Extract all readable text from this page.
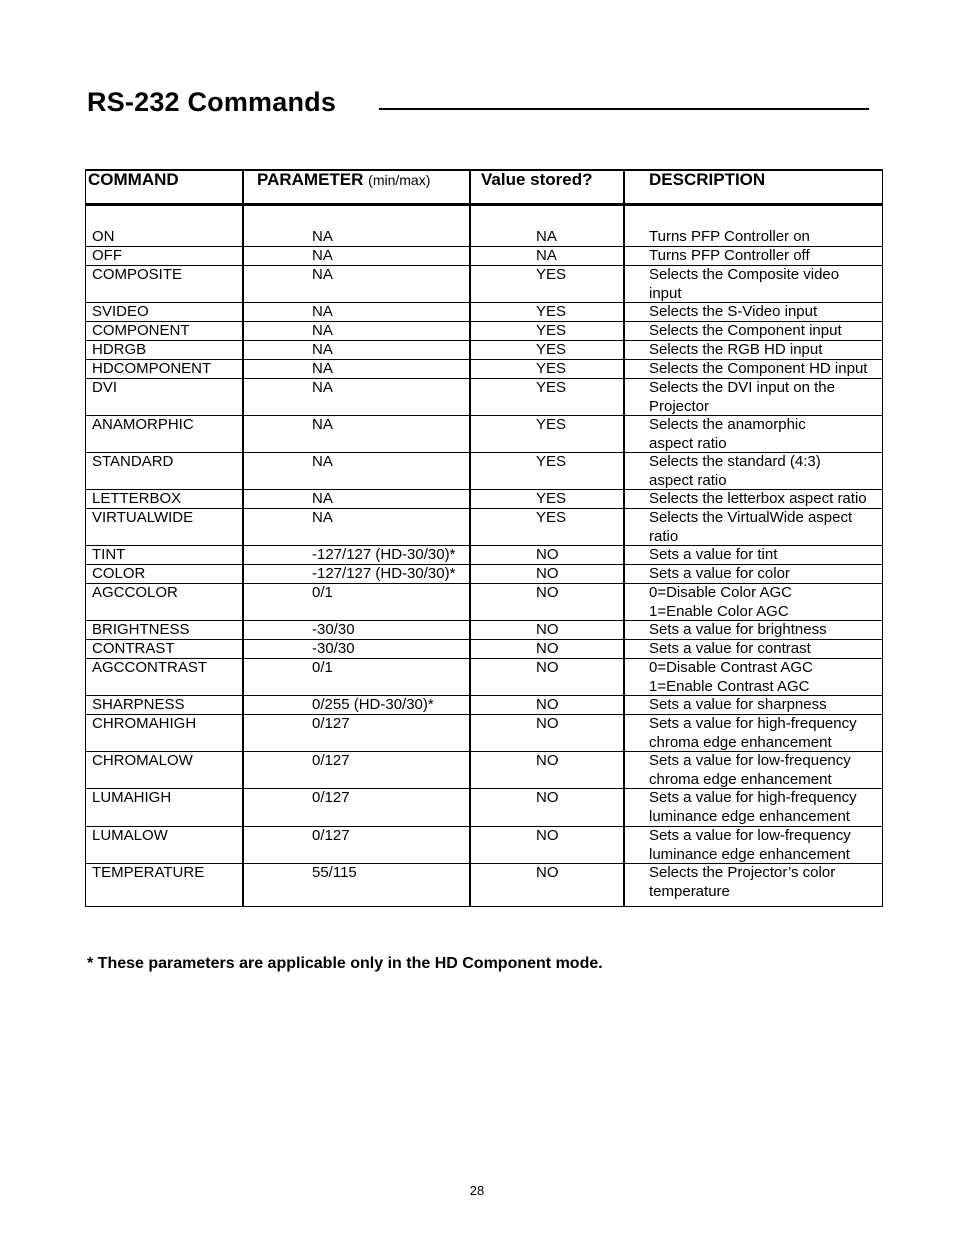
RS-232 Commands
COMMAND	PARAMETER (min/max)	Value stored?	DESCRIPTION
ON	NA	NA	Turns PFP Controller on
OFF	NA	NA	Turns PFP Controller off
COMPOSITE	NA	YES	Selects the Composite video
input
SVIDEO	NA	YES	Selects the S-Video input
COMPONENT	NA	YES	Selects the Component input
HDRGB	NA	YES	Selects the RGB HD input
HDCOMPONENT	NA	YES	Selects the Component HD input
DVI	NA	YES	Selects the DVI input on the
Projector
ANAMORPHIC	NA	YES	Selects the anamorphic
aspect ratio
STANDARD	NA	YES	Selects the standard (4:3)
aspect ratio
LETTERBOX	NA	YES	Selects the letterbox aspect ratio
VIRTUALWIDE	NA	YES	Selects the VirtualWide aspect
ratio
TINT	-127/127 (HD-30/30)*	NO	Sets a value for tint
COLOR	-127/127 (HD-30/30)*	NO	Sets a value for color
AGCCOLOR	0/1	NO	0=Disable Color AGC
1=Enable Color AGC
BRIGHTNESS	-30/30	NO	Sets a value for brightness
CONTRAST	-30/30	NO	Sets a value for contrast
AGCCONTRAST	0/1	NO	0=Disable Contrast AGC
1=Enable Contrast AGC
SHARPNESS	0/255 (HD-30/30)*	NO	Sets a value for sharpness
CHROMAHIGH	0/127	NO	Sets a value for high-frequency
chroma edge enhancement
CHROMALOW	0/127	NO	Sets a value for low-frequency
chroma edge enhancement
LUMAHIGH	0/127	NO	Sets a value for high-frequency
luminance edge enhancement
LUMALOW	0/127	NO	Sets a value for low-frequency
luminance edge enhancement
TEMPERATURE	55/115	NO	Selects the Projector’s color
temperature
* These parameters are applicable only in the HD Component mode.
28
